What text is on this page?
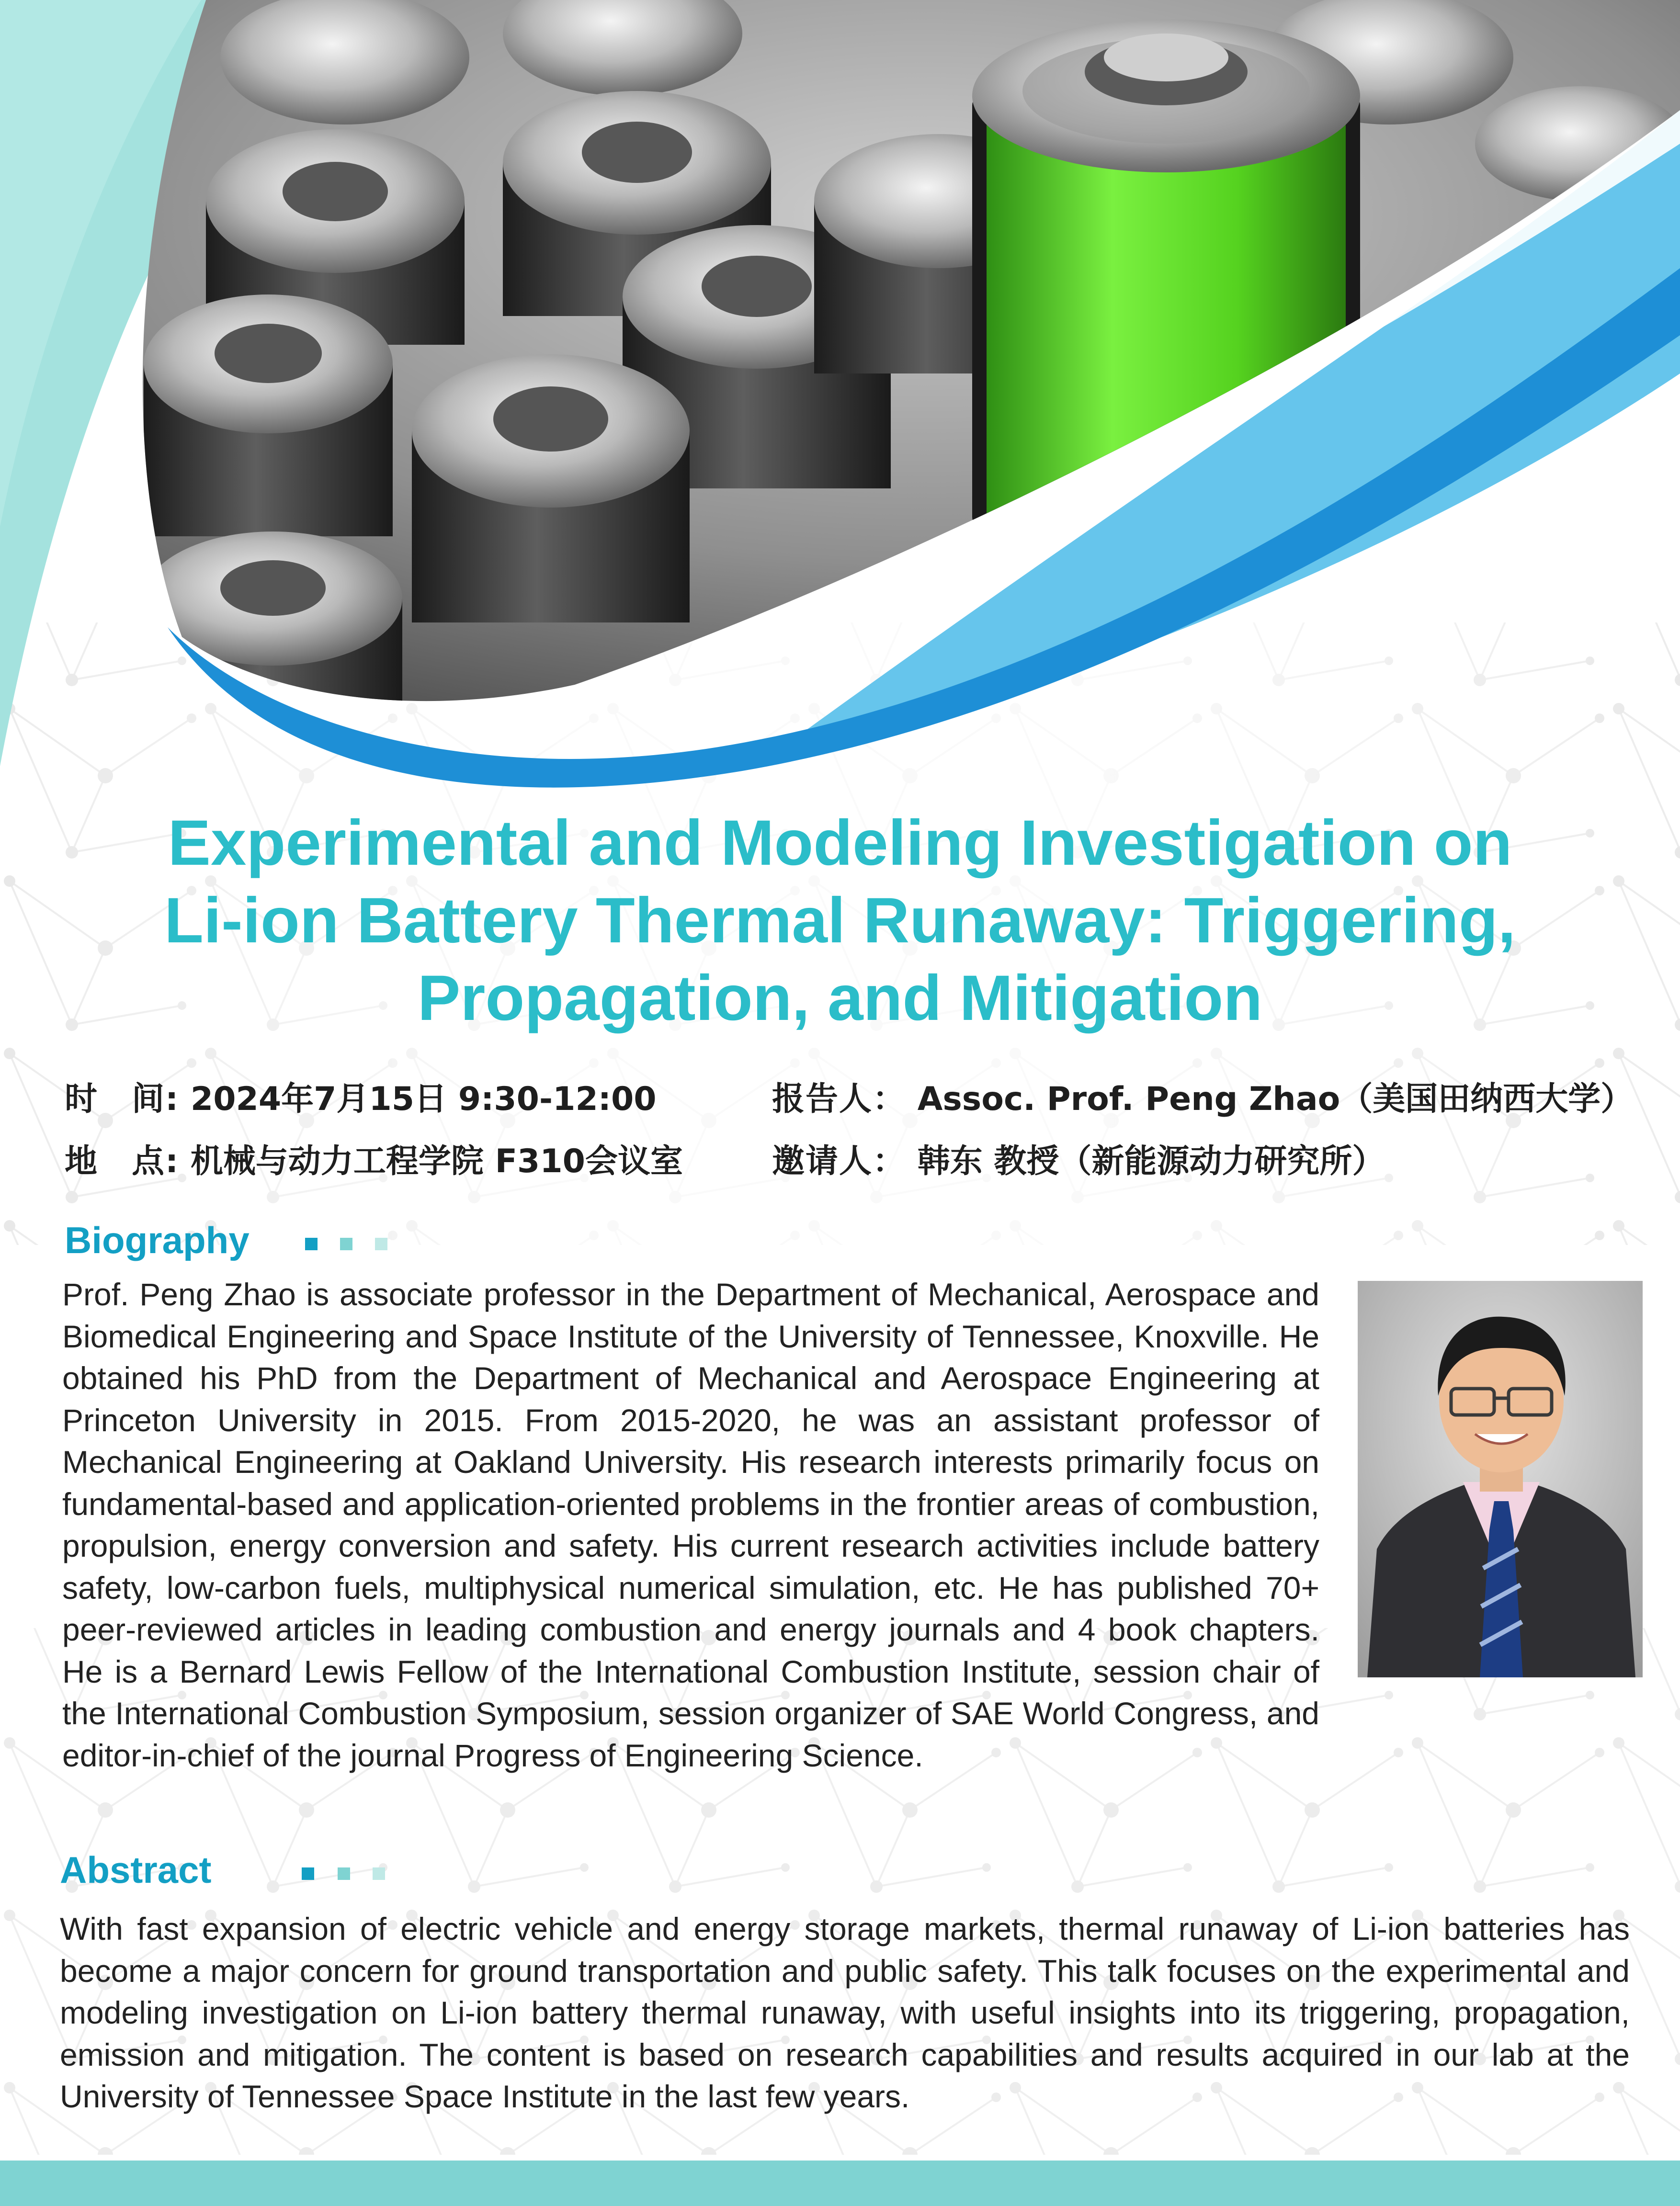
Experimental and Modeling Investigation on
Li-ion Battery Thermal Runaway: Triggering,
Propagation, and Mitigation
时　间: 2024年7月15日 9:30-12:00
地　点: 机械与动力工程学院 F310会议室
报告人： Assoc. Prof. Peng Zhao（美国田纳西大学）
邀请人： 韩东 教授（新能源动力研究所）
Biography
Prof. Peng Zhao is associate professor in the Department of Mechanical, Aerospace and Biomedical Engineering and Space Institute of the University of Tennessee, Knoxville. He obtained his PhD from the Department of Mechanical and Aerospace Engineering at Princeton University in 2015. From 2015-2020, he was an assistant professor of Mechanical Engineering at Oakland University. His research interests primarily focus on fundamental-based and application-oriented problems in the frontier areas of combustion, propulsion, energy conversion and safety. His current research activities include battery safety, low-carbon fuels, multiphysical numerical simulation, etc. He has published 70+ peer-reviewed articles in leading combustion and energy journals and 4 book chapters. He is a Bernard Lewis Fellow of the International Combustion Institute, session chair of the International Combustion Symposium, session organizer of SAE World Congress, and editor-in-chief of the journal Progress of Engineering Science.
Abstract
With fast expansion of electric vehicle and energy storage markets, thermal runaway of Li-ion batteries has become a major concern for ground transportation and public safety. This talk focuses on the experimental and modeling investigation on Li-ion battery thermal runaway, with useful insights into its triggering, propagation, emission and mitigation. The content is based on research capabilities and results acquired in our lab at the University of Tennessee Space Institute in the last few years.
